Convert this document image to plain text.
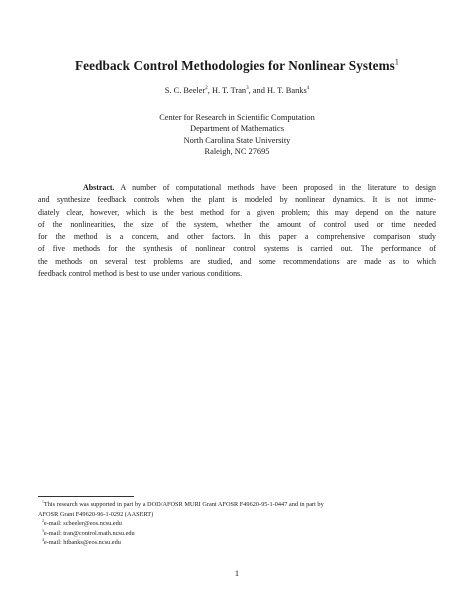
Feedback Control Methodologies for Nonlinear Systems$^1$
S. C. Beeler$^2$, H. T. Tran$^3$, and H. T. Banks$^4$
Center for Research in Scientific Computation
Department of Mathematics
North Carolina State University
Raleigh, NC 27695
Abstract. A number of computational methods have been proposed in the literature to design
and synthesize feedback controls when the plant is modeled by nonlinear dynamics. It is not imme-
diately clear, however, which is the best method for a given problem; this may depend on the nature
of the nonlinearities, the size of the system, whether the amount of control used or time needed
for the method is a concern, and other factors. In this paper a comprehensive comparison study
of five methods for the synthesis of nonlinear control systems is carried out. The performance of
the methods on several test problems are studied, and some recommendations are made as to which
feedback control method is best to use under various conditions.
$^1$This research was supported in part by a DOD/AFOSR MURI Grant AFOSR F49620-95-1-0447 and in part by
AFOSR Grant F49620-96-1-0292 (AASERT)
$^2$e-mail: scbeeler@eos.ncsu.edu
$^3$e-mail: tran@control.math.ncsu.edu
$^4$e-mail: htbanks@eos.ncsu.edu
1
